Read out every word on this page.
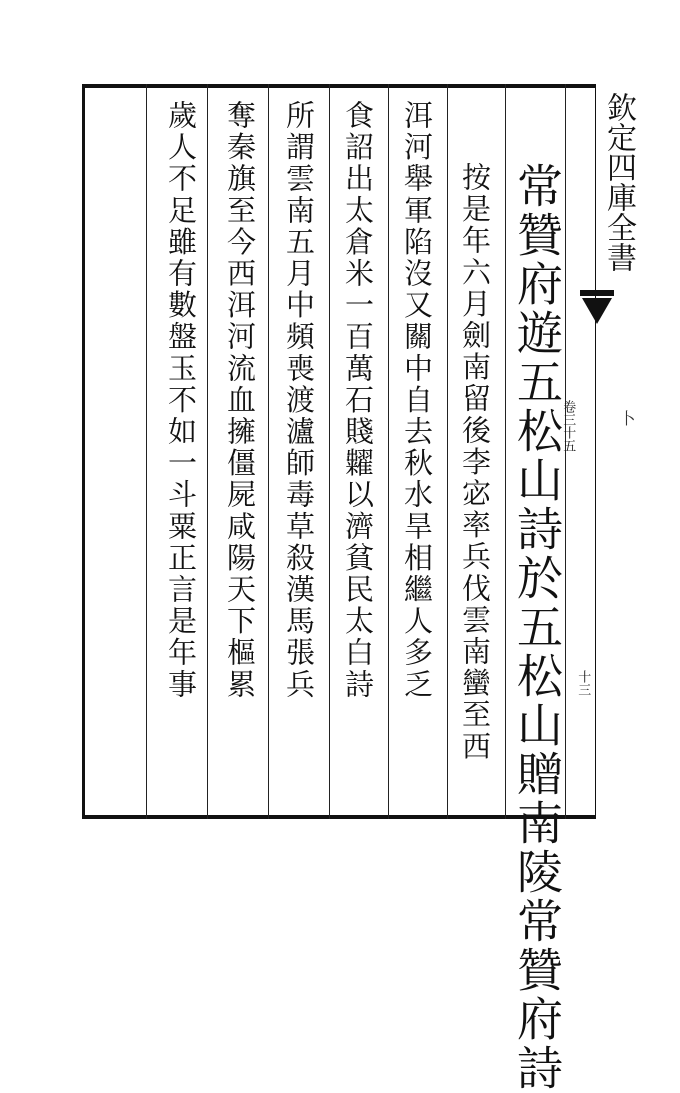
欽定四庫全書
卷三十五
十三
卜
常贊府遊五松山詩於五松山贈南陵常贊府詩
按是年六月劍南留後李宓率兵伐雲南蠻至西
洱河舉軍陷沒又關中自去秋水旱相繼人多乏
食詔出太倉米一百萬石賤糶以濟貧民太白詩
所謂雲南五月中頻喪渡瀘師毒草殺漢馬張兵
奪秦旗至今西洱河流血擁僵屍咸陽天下樞累
歲人不足雖有數盤玉不如一斗粟正言是年事
